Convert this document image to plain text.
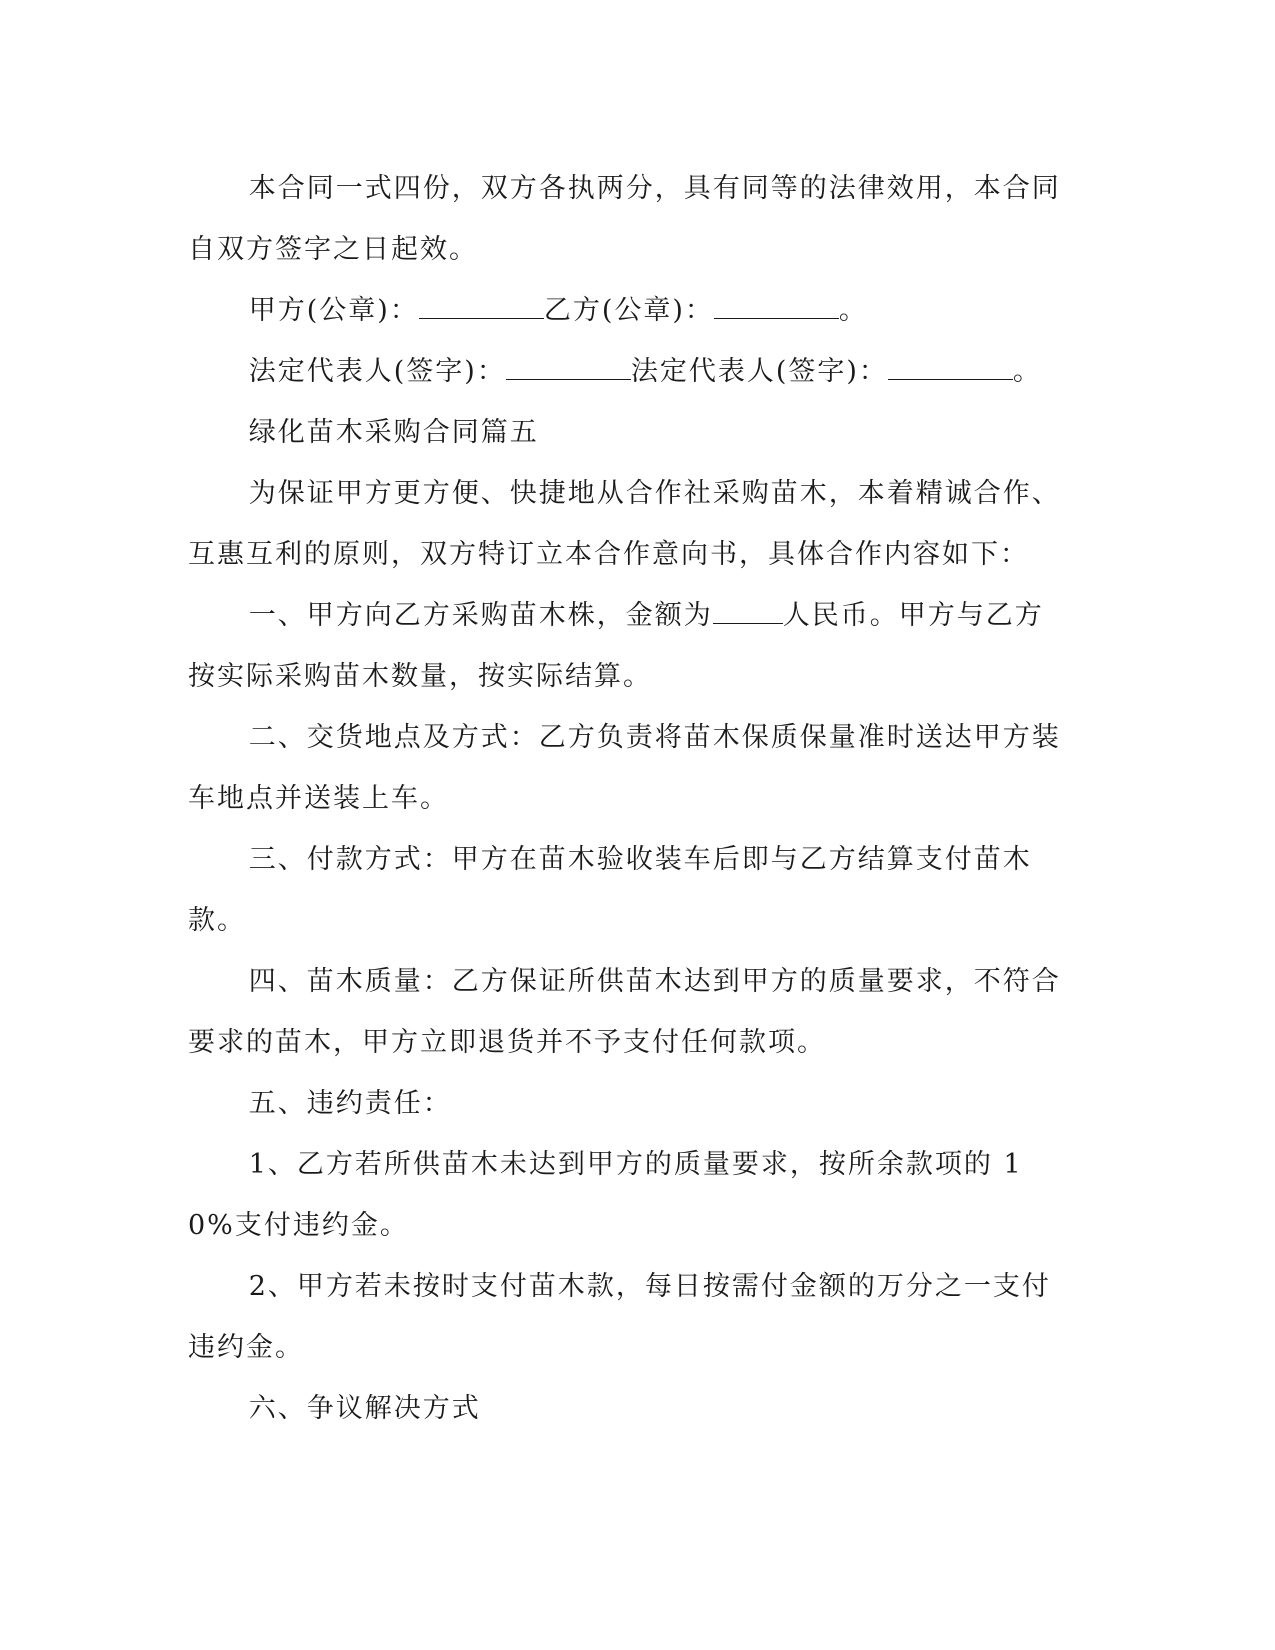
本合同一式四份，双方各执两分，具有同等的法律效用，本合同自双方签字之日起效。

甲方(公章)：	乙方(公章)：	。

法定代表人(签字)：	法定代表人(签字)：	。

绿化苗木采购合同篇五

为保证甲方更方便、快捷地从合作社采购苗木，本着精诚合作、互惠互利的原则，双方特订立本合作意向书，具体合作内容如下：

一、甲方向乙方采购苗木株，金额为	人民币。甲方与乙方按实际采购苗木数量，按实际结算。

二、交货地点及方式：乙方负责将苗木保质保量准时送达甲方装车地点并送装上车。

三、付款方式：甲方在苗木验收装车后即与乙方结算支付苗木款。

四、苗木质量：乙方保证所供苗木达到甲方的质量要求，不符合要求的苗木，甲方立即退货并不予支付任何款项。

五、违约责任：

1、乙方若所供苗木未达到甲方的质量要求，按所余款项的 10%支付违约金。

2、甲方若未按时支付苗木款，每日按需付金额的万分之一支付违约金。

六、争议解决方式
